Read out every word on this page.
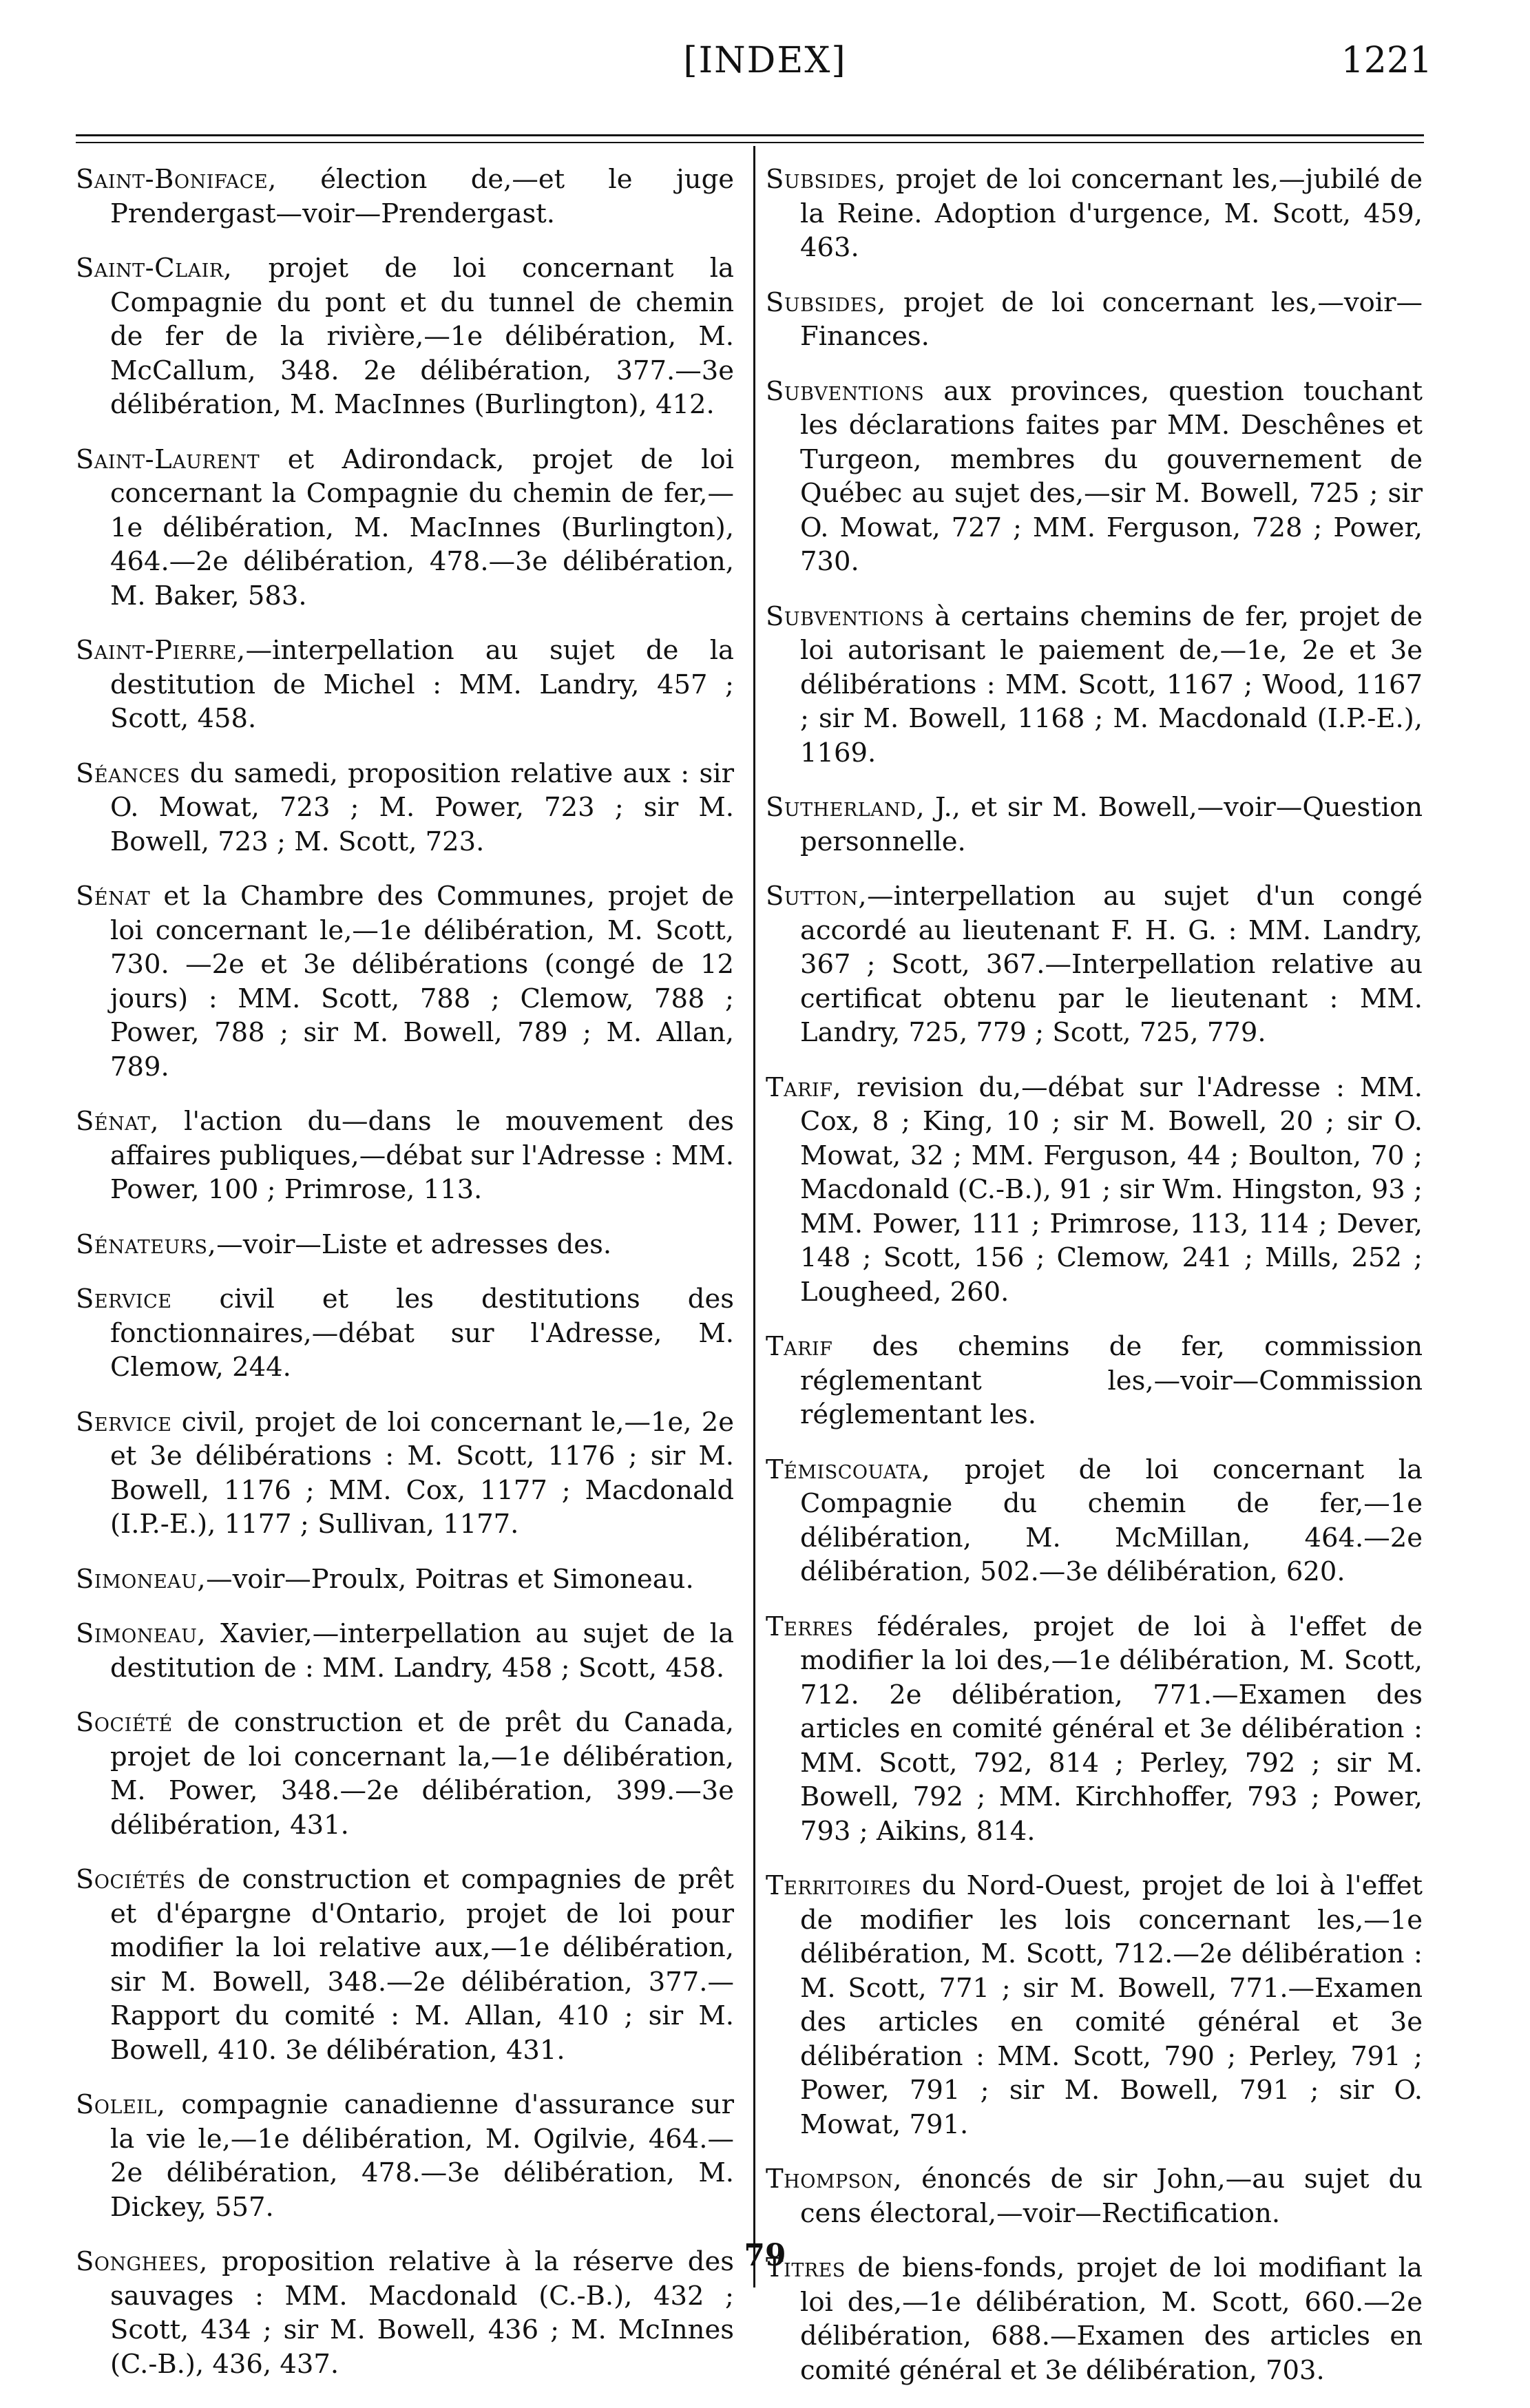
[INDEX]	1221

Saint-Boniface, élection de,—et le juge Prendergast—voir—Prendergast.

Saint-Clair, projet de loi concernant la Compagnie du pont et du tunnel de chemin de fer de la rivière,—1e délibération, M. McCallum, 348. 2e délibération, 377.—3e délibération, M. MacInnes (Burlington), 412.

Saint-Laurent et Adirondack, projet de loi concernant la Compagnie du chemin de fer,—1e délibération, M. MacInnes (Burlington), 464.—2e délibération, 478.—3e délibération, M. Baker, 583.

Saint-Pierre,—interpellation au sujet de la destitution de Michel : MM. Landry, 457 ; Scott, 458.

Séances du samedi, proposition relative aux : sir O. Mowat, 723 ; M. Power, 723 ; sir M. Bowell, 723 ; M. Scott, 723.

Sénat et la Chambre des Communes, projet de loi concernant le,—1e délibération, M. Scott, 730. —2e et 3e délibérations (congé de 12 jours) : MM. Scott, 788 ; Clemow, 788 ; Power, 788 ; sir M. Bowell, 789 ; M. Allan, 789.

Sénat, l'action du—dans le mouvement des affaires publiques,—débat sur l'Adresse : MM. Power, 100 ; Primrose, 113.

Sénateurs,—voir—Liste et adresses des.

Service civil et les destitutions des fonctionnaires,—débat sur l'Adresse, M. Clemow, 244.

Service civil, projet de loi concernant le,—1e, 2e et 3e délibérations : M. Scott, 1176 ; sir M. Bowell, 1176 ; MM. Cox, 1177 ; Macdonald (I.P.-E.), 1177 ; Sullivan, 1177.

Simoneau,—voir—Proulx, Poitras et Simoneau.

Simoneau, Xavier,—interpellation au sujet de la destitution de : MM. Landry, 458 ; Scott, 458.

Société de construction et de prêt du Canada, projet de loi concernant la,—1e délibération, M. Power, 348.—2e délibération, 399.—3e délibération, 431.

Sociétés de construction et compagnies de prêt et d'épargne d'Ontario, projet de loi pour modifier la loi relative aux,—1e délibération, sir M. Bowell, 348.—2e délibération, 377.—Rapport du comité : M. Allan, 410 ; sir M. Bowell, 410. 3e délibération, 431.

Soleil, compagnie canadienne d'assurance sur la vie le,—1e délibération, M. Ogilvie, 464.—2e délibération, 478.—3e délibération, M. Dickey, 557.

Songhees, proposition relative à la réserve des sauvages : MM. Macdonald (C.-B.), 432 ; Scott, 434 ; sir M. Bowell, 436 ; M. McInnes (C.-B.), 436, 437.

Subsides, projet de loi concernant les,—jubilé de la Reine. Adoption d'urgence, M. Scott, 459, 463.

Subsides, projet de loi concernant les,—voir—Finances.

Subventions aux provinces, question touchant les déclarations faites par MM. Deschênes et Turgeon, membres du gouvernement de Québec au sujet des,—sir M. Bowell, 725 ; sir O. Mowat, 727 ; MM. Ferguson, 728 ; Power, 730.

Subventions à certains chemins de fer, projet de loi autorisant le paiement de,—1e, 2e et 3e délibérations : MM. Scott, 1167 ; Wood, 1167 ; sir M. Bowell, 1168 ; M. Macdonald (I.P.-E.), 1169.

Sutherland, J., et sir M. Bowell,—voir—Question personnelle.

Sutton,—interpellation au sujet d'un congé accordé au lieutenant F. H. G. : MM. Landry, 367 ; Scott, 367.—Interpellation relative au certificat obtenu par le lieutenant : MM. Landry, 725, 779 ; Scott, 725, 779.

Tarif, revision du,—débat sur l'Adresse : MM. Cox, 8 ; King, 10 ; sir M. Bowell, 20 ; sir O. Mowat, 32 ; MM. Ferguson, 44 ; Boulton, 70 ; Macdonald (C.-B.), 91 ; sir Wm. Hingston, 93 ; MM. Power, 111 ; Primrose, 113, 114 ; Dever, 148 ; Scott, 156 ; Clemow, 241 ; Mills, 252 ; Lougheed, 260.

Tarif des chemins de fer, commission réglementant les,—voir—Commission réglementant les.

Témiscouata, projet de loi concernant la Compagnie du chemin de fer,—1e délibération, M. McMillan, 464.—2e délibération, 502.—3e délibération, 620.

Terres fédérales, projet de loi à l'effet de modifier la loi des,—1e délibération, M. Scott, 712. 2e délibération, 771.—Examen des articles en comité général et 3e délibération : MM. Scott, 792, 814 ; Perley, 792 ; sir M. Bowell, 792 ; MM. Kirchhoffer, 793 ; Power, 793 ; Aikins, 814.

Territoires du Nord-Ouest, projet de loi à l'effet de modifier les lois concernant les,—1e délibération, M. Scott, 712.—2e délibération : M. Scott, 771 ; sir M. Bowell, 771.—Examen des articles en comité général et 3e délibération : MM. Scott, 790 ; Perley, 791 ; Power, 791 ; sir M. Bowell, 791 ; sir O. Mowat, 791.

Thompson, énoncés de sir John,—au sujet du cens électoral,—voir—Rectification.

Titres de biens-fonds, projet de loi modifiant la loi des,—1e délibération, M. Scott, 660.—2e délibération, 688.—Examen des articles en comité général et 3e délibération, 703.

79
